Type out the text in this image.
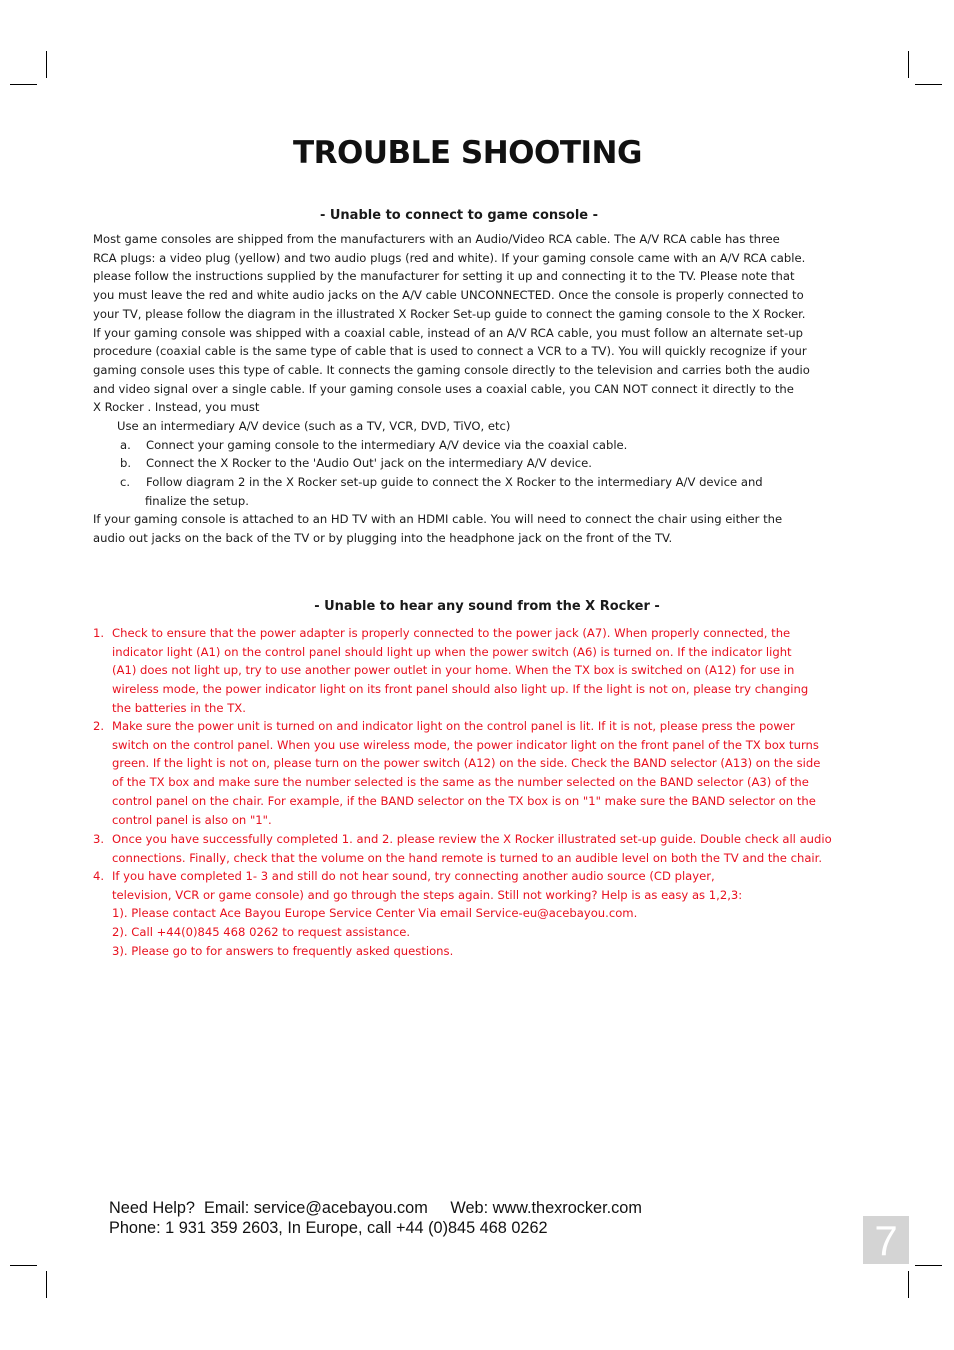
TROUBLE SHOOTING
- Unable to connect to game console -
Most game consoles are shipped from the manufacturers with an Audio/Video RCA cable. The A/V RCA cable has three
RCA plugs: a video plug (yellow) and two audio plugs (red and white). If your gaming console came with an A/V RCA cable.
please follow the instructions supplied by the manufacturer for setting it up and connecting it to the TV. Please note that
you must leave the red and white audio jacks on the A/V cable UNCONNECTED. Once the console is properly connected to
your TV, please follow the diagram in the illustrated X Rocker Set-up guide to connect the gaming console to the X Rocker.
If your gaming console was shipped with a coaxial cable, instead of an A/V RCA cable, you must follow an alternate set-up
procedure (coaxial cable is the same type of cable that is used to connect a VCR to a TV). You will quickly recognize if your
gaming console uses this type of cable. It connects the gaming console directly to the television and carries both the audio
and video signal over a single cable. If your gaming console uses a coaxial cable, you CAN NOT connect it directly to the
X Rocker . Instead, you must
Use an intermediary A/V device (such as a TV, VCR, DVD, TiVO, etc)
a.	Connect your gaming console to the intermediary A/V device via the coaxial cable.
b.	Connect the X Rocker to the 'Audio Out' jack on the intermediary A/V device.
c.	Follow diagram 2 in the X Rocker set-up guide to connect the X Rocker to the intermediary A/V device and
finalize the setup.
If your gaming console is attached to an HD TV with an HDMI cable. You will need to connect the chair using either the
audio out jacks on the back of the TV or by plugging into the headphone jack on the front of the TV.
- Unable to hear any sound from the X Rocker -
1. Check to ensure that the power adapter is properly connected to the power jack (A7). When properly connected, the
indicator light (A1) on the control panel should light up when the power switch (A6) is turned on. If the indicator light
(A1) does not light up, try to use another power outlet in your home. When the TX box is switched on (A12) for use in
wireless mode, the power indicator light on its front panel should also light up. If the light is not on, please try changing
the batteries in the TX.
2. Make sure the power unit is turned on and indicator light on the control panel is lit. If it is not, please press the power
switch on the control panel. When you use wireless mode, the power indicator light on the front panel of the TX box turns
green. If the light is not on, please turn on the power switch (A12) on the side. Check the BAND selector (A13) on the side
of the TX box and make sure the number selected is the same as the number selected on the BAND selector (A3) of the
control panel on the chair. For example, if the BAND selector on the TX box is on "1" make sure the BAND selector on the
control panel is also on "1".
3. Once you have successfully completed 1. and 2. please review the X Rocker illustrated set-up guide. Double check all audio
connections. Finally, check that the volume on the hand remote is turned to an audible level on both the TV and the chair.
4. If you have completed 1- 3 and still do not hear sound, try connecting another audio source (CD player,
television, VCR or game console) and go through the steps again. Still not working? Help is as easy as 1,2,3:
1). Please contact Ace Bayou Europe Service Center Via email Service-eu@acebayou.com.
2). Call +44(0)845 468 0262 to request assistance.
3). Please go to for answers to frequently asked questions.
Need Help?  Email: service@acebayou.com     Web: www.thexrocker.com
Phone: 1 931 359 2603, In Europe, call +44 (0)845 468 0262	7
